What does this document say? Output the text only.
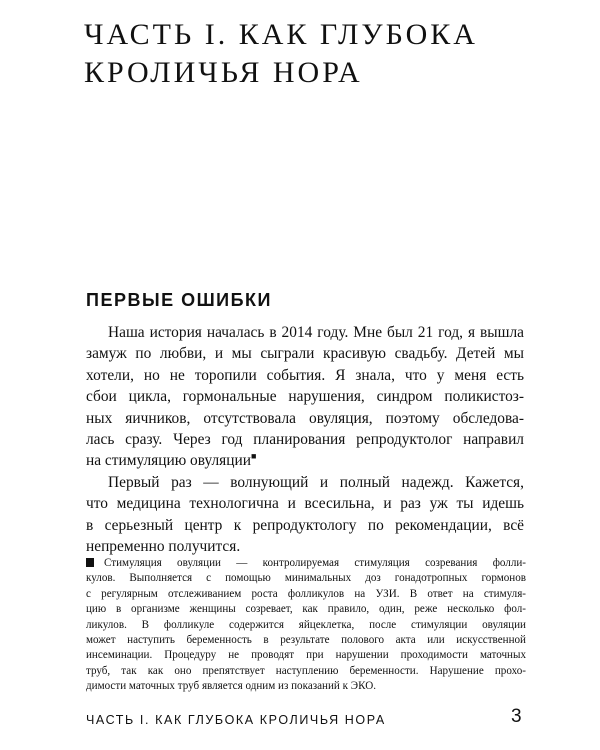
ЧАСТЬ I. КАК ГЛУБОКА
КРОЛИЧЬЯ НОРА
ПЕРВЫЕ ОШИБКИ
Наша история началась в 2014 году. Мне был 21 год, я вышла
замуж по любви, и мы сыграли красивую свадьбу. Детей мы
хотели, но не торопили события. Я знала, что у меня есть
сбои цикла, гормональные нарушения, синдром поликистоз-
ных яичников, отсутствовала овуляция, поэтому обследова-
лась сразу. Через год планирования репродуктолог направил
на стимуляцию овуляции■
Первый раз — волнующий и полный надежд. Кажется,
что медицина технологична и всесильна, и раз уж ты идешь
в серьезный центр к репродуктологу по рекомендации, всё
непременно получится.
Стимуляция овуляции — контролируемая стимуляция созревания фолли-
кулов. Выполняется с помощью минимальных доз гонадотропных гормонов
с регулярным отслеживанием роста фолликулов на УЗИ. В ответ на стимуля-
цию в организме женщины созревает, как правило, один, реже несколько фол-
ликулов. В фолликуле содержится яйцеклетка, после стимуляции овуляции
может наступить беременность в результате полового акта или искусственной
инсеминации. Процедуру не проводят при нарушении проходимости маточных
труб, так как оно препятствует наступлению беременности. Нарушение прохо-
димости маточных труб является одним из показаний к ЭКО.
ЧАСТЬ I. КАК ГЛУБОКА КРОЛИЧЬЯ НОРА	3
